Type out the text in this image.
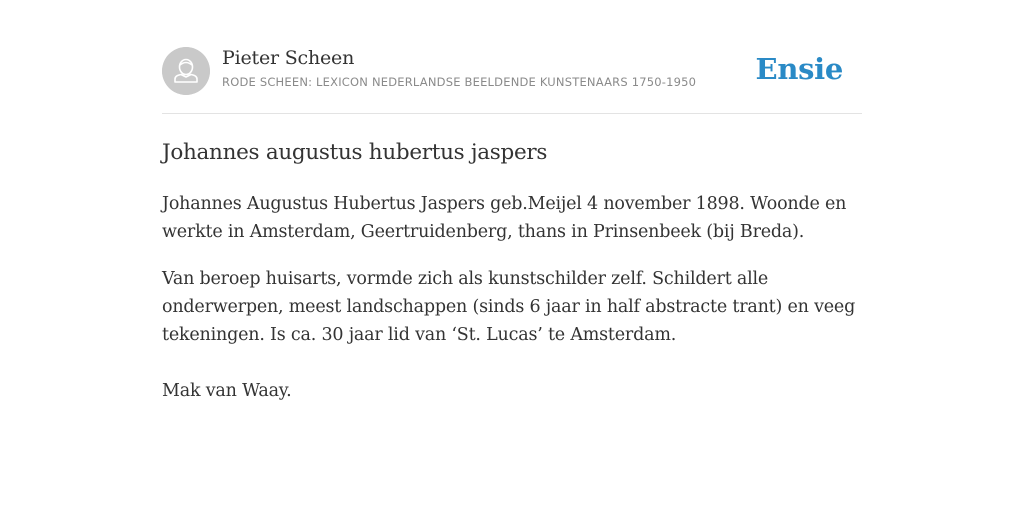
Pieter Scheen
RODE SCHEEN: LEXICON NEDERLANDSE BEELDENDE KUNSTENAARS 1750-1950 Ensie
Johannes augustus hubertus jaspers

Johannes Augustus Hubertus Jaspers geb.Meijel 4 november 1898. Woonde en werkte in Amsterdam, Geertruidenberg, thans in Prinsenbeek (bij Breda).

Van beroep huisarts, vormde zich als kunstschilder zelf. Schildert alle onderwerpen, meest landschappen (sinds 6 jaar in half abstracte trant) en veeg tekeningen. Is ca. 30 jaar lid van ‘St. Lucas’ te Amsterdam.

Mak van Waay.
